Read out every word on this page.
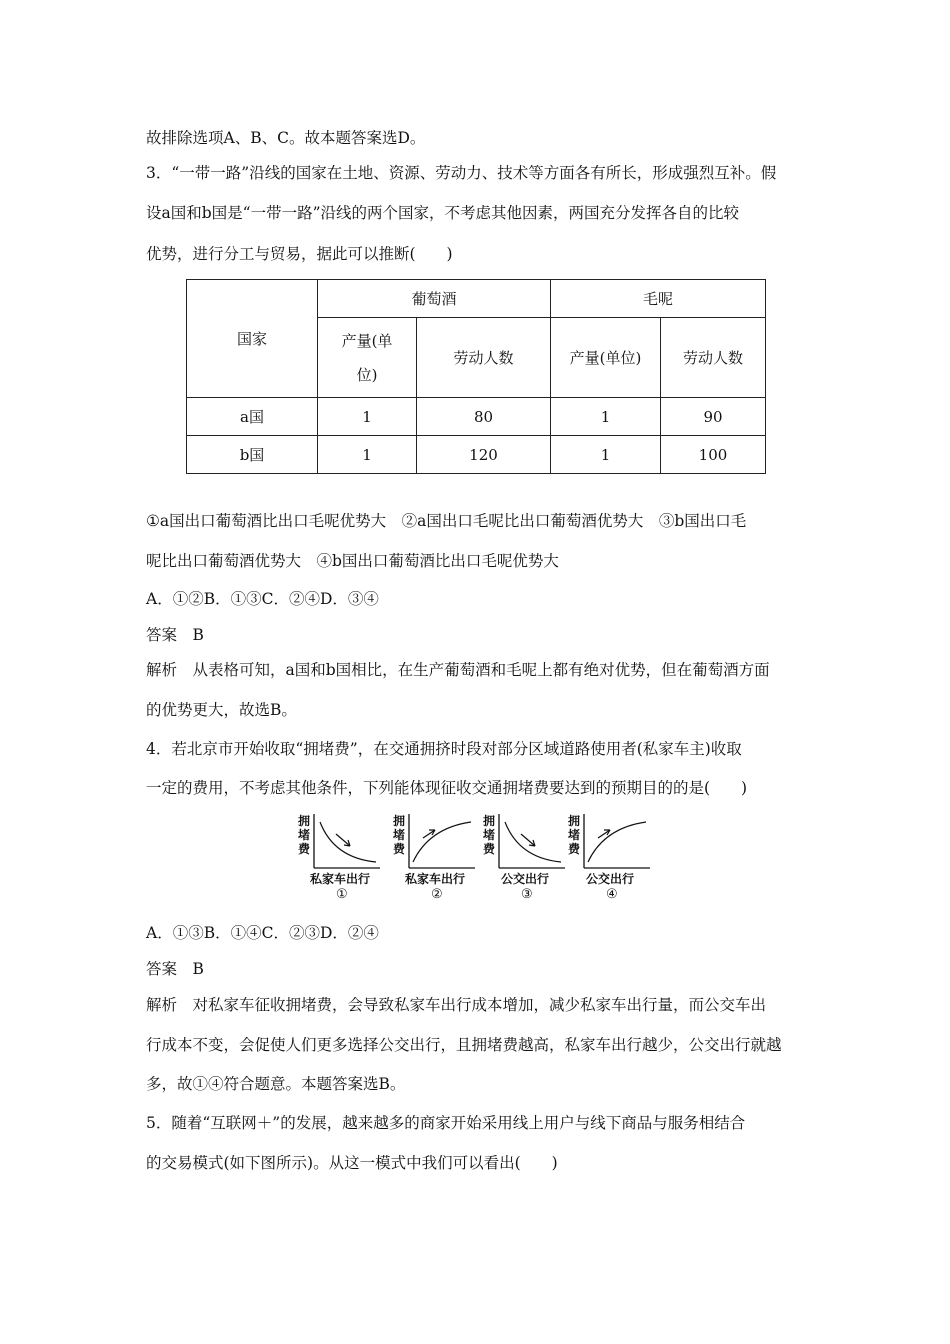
故排除选项A、B、C。故本题答案选D。
3．“一带一路”沿线的国家在土地、资源、劳动力、技术等方面各有所长，形成强烈互补。假
设a国和b国是“一带一路”沿线的两个国家，不考虑其他因素，两国充分发挥各自的比较
优势，进行分工与贸易，据此可以推断(　　)
国家	葡萄酒		毛呢	
	产量(单
位)	劳动人数	产量(单位)	劳动人数
a国	1	80	1	90
b国	1	120	1	100
①a国出口葡萄酒比出口毛呢优势大　②a国出口毛呢比出口葡萄酒优势大　③b国出口毛
呢比出口葡萄酒优势大　④b国出口葡萄酒比出口毛呢优势大
A．①②B．①③C．②④D．③④
答案　B
解析　从表格可知，a国和b国相比，在生产葡萄酒和毛呢上都有绝对优势，但在葡萄酒方面
的优势更大，故选B。
4．若北京市开始收取“拥堵费”，在交通拥挤时段对部分区域道路使用者(私家车主)收取
一定的费用，不考虑其他条件，下列能体现征收交通拥堵费要达到的预期目的的是(　　)
拥堵费
私家车出行
①
拥堵费
私家车出行
②
拥堵费
公交出行
③
拥堵费
公交出行
④
A．①③B．①④C．②③D．②④
答案　B
解析　对私家车征收拥堵费，会导致私家车出行成本增加，减少私家车出行量，而公交车出
行成本不变，会促使人们更多选择公交出行，且拥堵费越高，私家车出行越少，公交出行就越
多，故①④符合题意。本题答案选B。
5．随着“互联网＋”的发展，越来越多的商家开始采用线上用户与线下商品与服务相结合
的交易模式(如下图所示)。从这一模式中我们可以看出(　　)
